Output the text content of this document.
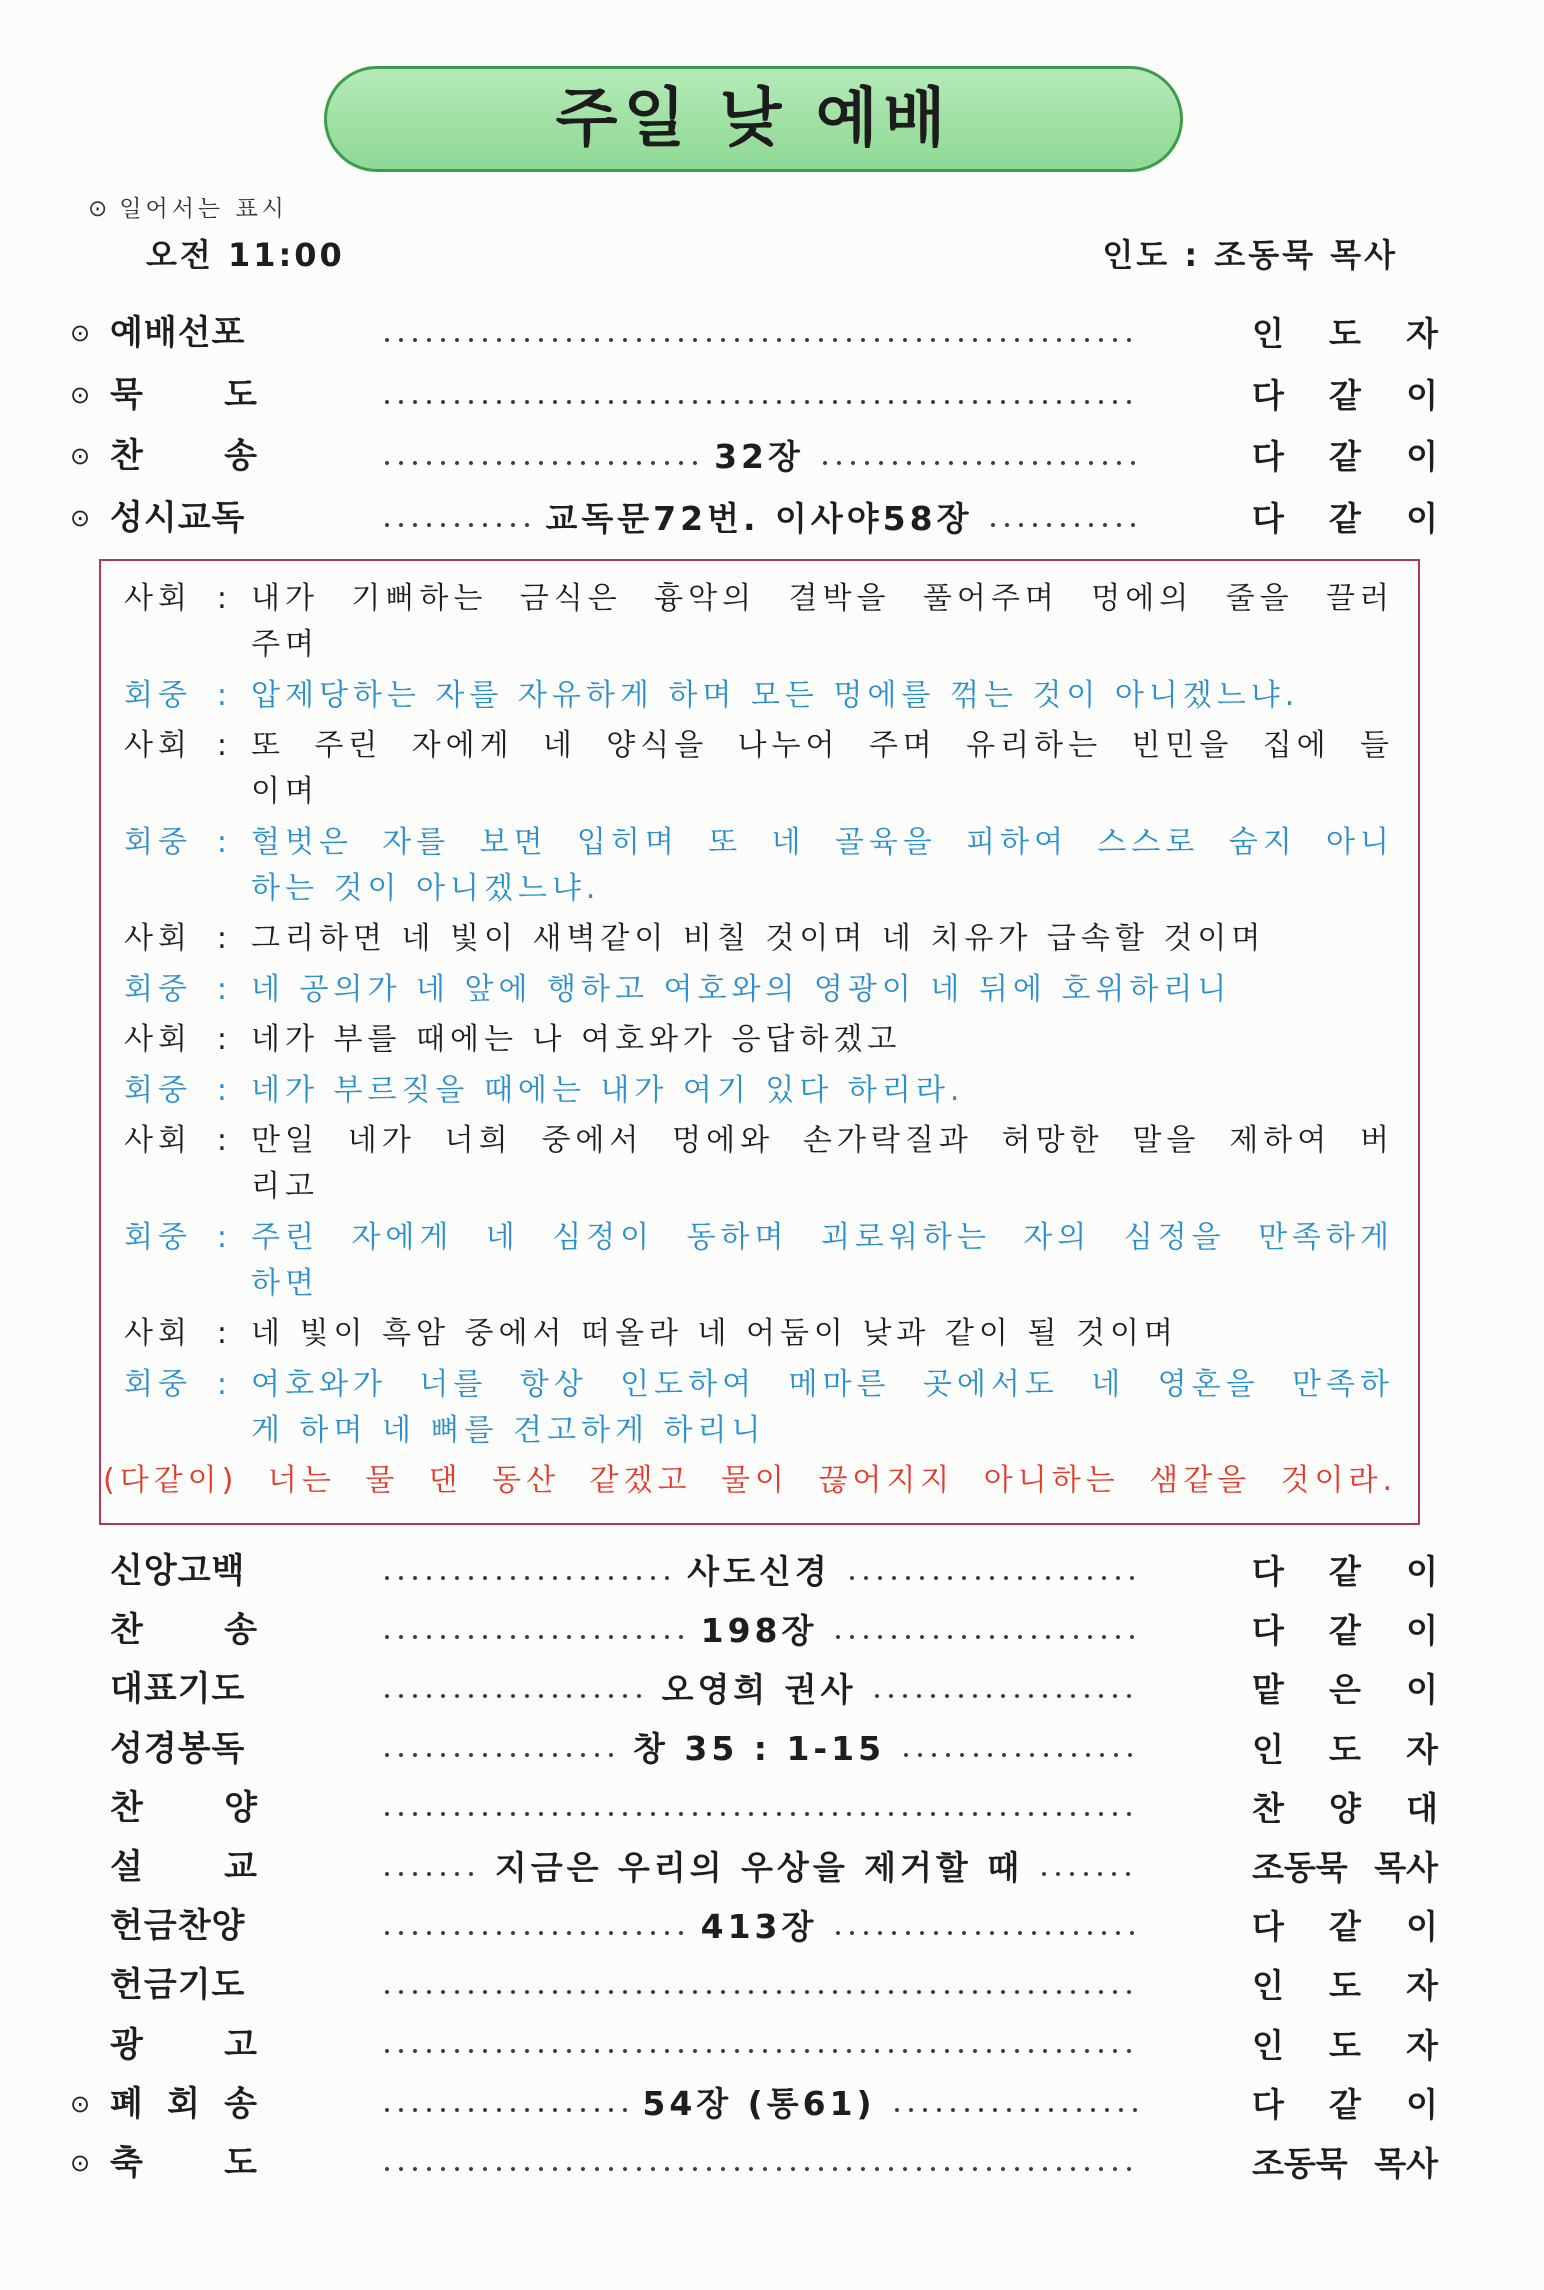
주일 낮 예배
⊙ 일어서는 표시
오전 11:00	인도 : 조동묵 목사
⊙ 예배선포	인 도 자
⊙ 묵 도	다 같 이
⊙ 찬 송	32장	다 같 이
⊙ 성시교독	교독문72번. 이사야58장	다 같 이
사회 : 내가 기뻐하는 금식은 흉악의 결박을 풀어주며 멍에의 줄을 끌러
주며
회중 : 압제당하는 자를 자유하게 하며 모든 멍에를 꺾는 것이 아니겠느냐.
사회 : 또 주린 자에게 네 양식을 나누어 주며 유리하는 빈민을 집에 들
이며
회중 : 헐벗은 자를 보면 입히며 또 네 골육을 피하여 스스로 숨지 아니
하는 것이 아니겠느냐.
사회 : 그리하면 네 빛이 새벽같이 비칠 것이며 네 치유가 급속할 것이며
회중 : 네 공의가 네 앞에 행하고 여호와의 영광이 네 뒤에 호위하리니
사회 : 네가 부를 때에는 나 여호와가 응답하겠고
회중 : 네가 부르짖을 때에는 내가 여기 있다 하리라.
사회 : 만일 네가 너희 중에서 멍에와 손가락질과 허망한 말을 제하여 버
리고
회중 : 주린 자에게 네 심정이 동하며 괴로워하는 자의 심정을 만족하게
하면
사회 : 네 빛이 흑암 중에서 떠올라 네 어둠이 낮과 같이 될 것이며
회중 : 여호와가 너를 항상 인도하여 메마른 곳에서도 네 영혼을 만족하
게 하며 네 뼈를 견고하게 하리니
(다같이) 너는 물 댄 동산 같겠고 물이 끊어지지 아니하는 샘같을 것이라.
신앙고백	사도신경	다 같 이
찬 송	198장	다 같 이
대표기도	오영희 권사	맡 은 이
성경봉독	창 35 : 1-15	인 도 자
찬 양	찬 양 대
설 교	지금은 우리의 우상을 제거할 때	조동묵 목사
헌금찬양	413장	다 같 이
헌금기도	인 도 자
광 고	인 도 자
⊙ 폐 회 송	54장 (통61)	다 같 이
⊙ 축 도	조동묵 목사
